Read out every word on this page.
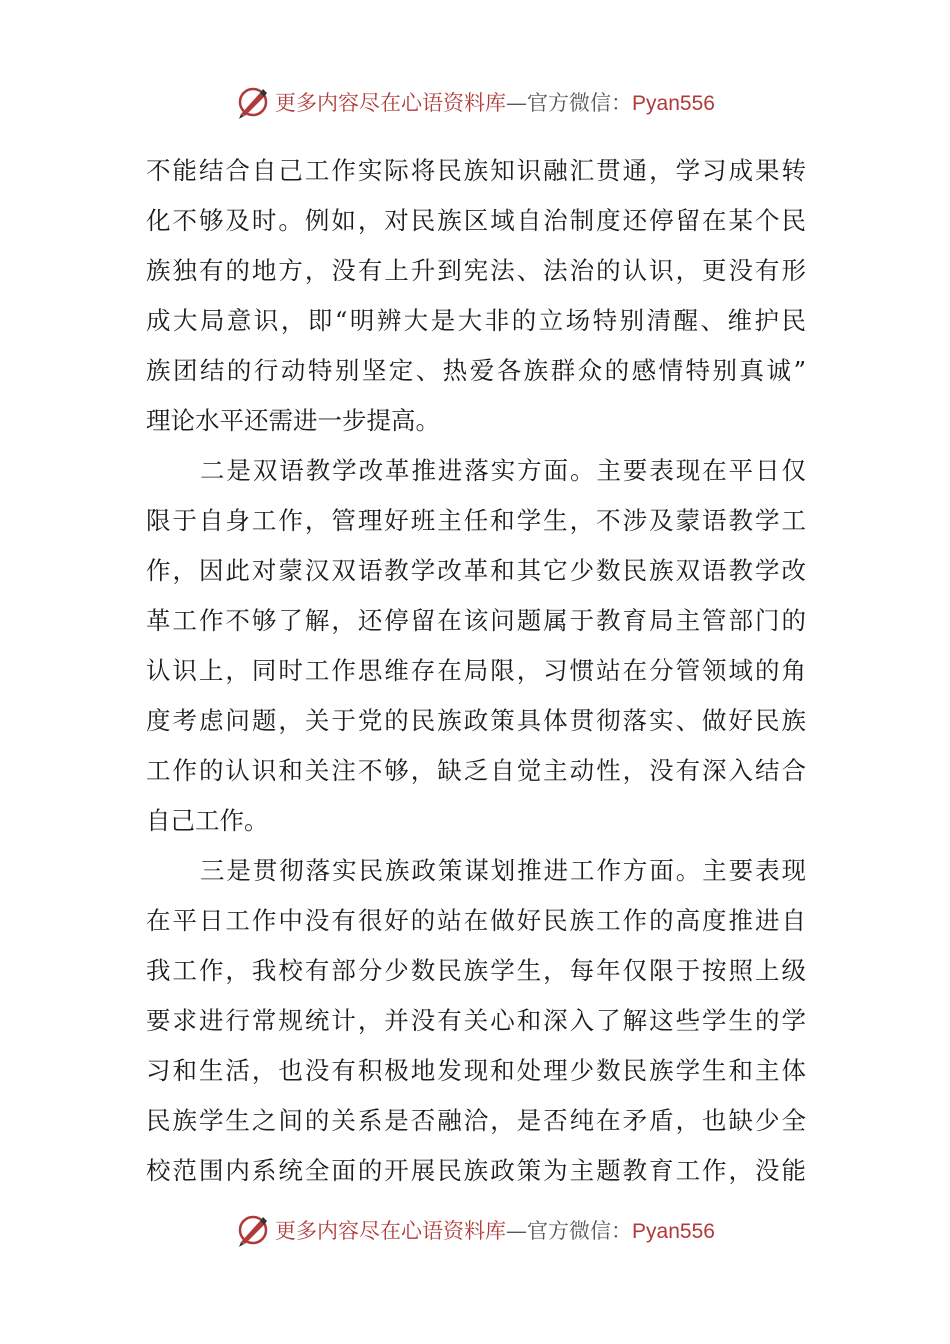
更多内容尽在心语资料库—官方微信：Pyan556
不能结合自己工作实际将民族知识融汇贯通，学习成果转
化不够及时。例如，对民族区域自治制度还停留在某个民
族独有的地方，没有上升到宪法、法治的认识，更没有形
成大局意识，即“明辨大是大非的立场特别清醒、维护民
族团结的行动特别坚定、热爱各族群众的感情特别真诚”
理论水平还需进一步提高。
二是双语教学改革推进落实方面。主要表现在平日仅
限于自身工作，管理好班主任和学生，不涉及蒙语教学工
作，因此对蒙汉双语教学改革和其它少数民族双语教学改
革工作不够了解，还停留在该问题属于教育局主管部门的
认识上，同时工作思维存在局限，习惯站在分管领域的角
度考虑问题，关于党的民族政策具体贯彻落实、做好民族
工作的认识和关注不够，缺乏自觉主动性，没有深入结合
自己工作。
三是贯彻落实民族政策谋划推进工作方面。主要表现
在平日工作中没有很好的站在做好民族工作的高度推进自
我工作，我校有部分少数民族学生，每年仅限于按照上级
要求进行常规统计，并没有关心和深入了解这些学生的学
习和生活，也没有积极地发现和处理少数民族学生和主体
民族学生之间的关系是否融洽，是否纯在矛盾，也缺少全
校范围内系统全面的开展民族政策为主题教育工作，没能
更多内容尽在心语资料库—官方微信：Pyan556
